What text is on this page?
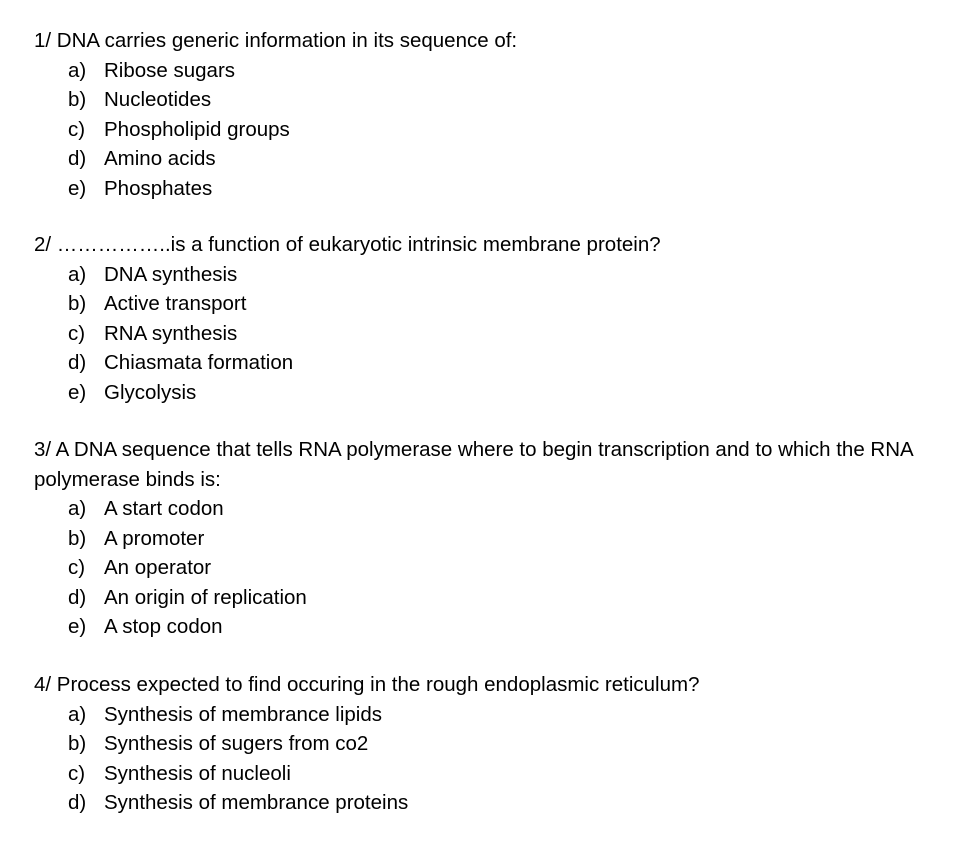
1/ DNA carries generic information in its sequence of:

a) Ribose sugars
b) Nucleotides
c) Phospholipid groups
d) Amino acids
e) Phosphates

2/ ……………..is a function of eukaryotic intrinsic membrane protein?

a) DNA synthesis
b) Active transport
c) RNA synthesis
d) Chiasmata formation
e) Glycolysis

3/ A DNA sequence that tells RNA polymerase where to begin transcription and to which the RNA polymerase binds is:

a) A start codon
b) A promoter
c) An operator
d) An origin of replication
e) A stop codon

4/ Process expected to find occuring in the rough endoplasmic reticulum?

a) Synthesis of membrance lipids
b) Synthesis of sugers from co2
c) Synthesis of nucleoli
d) Synthesis of membrance proteins
